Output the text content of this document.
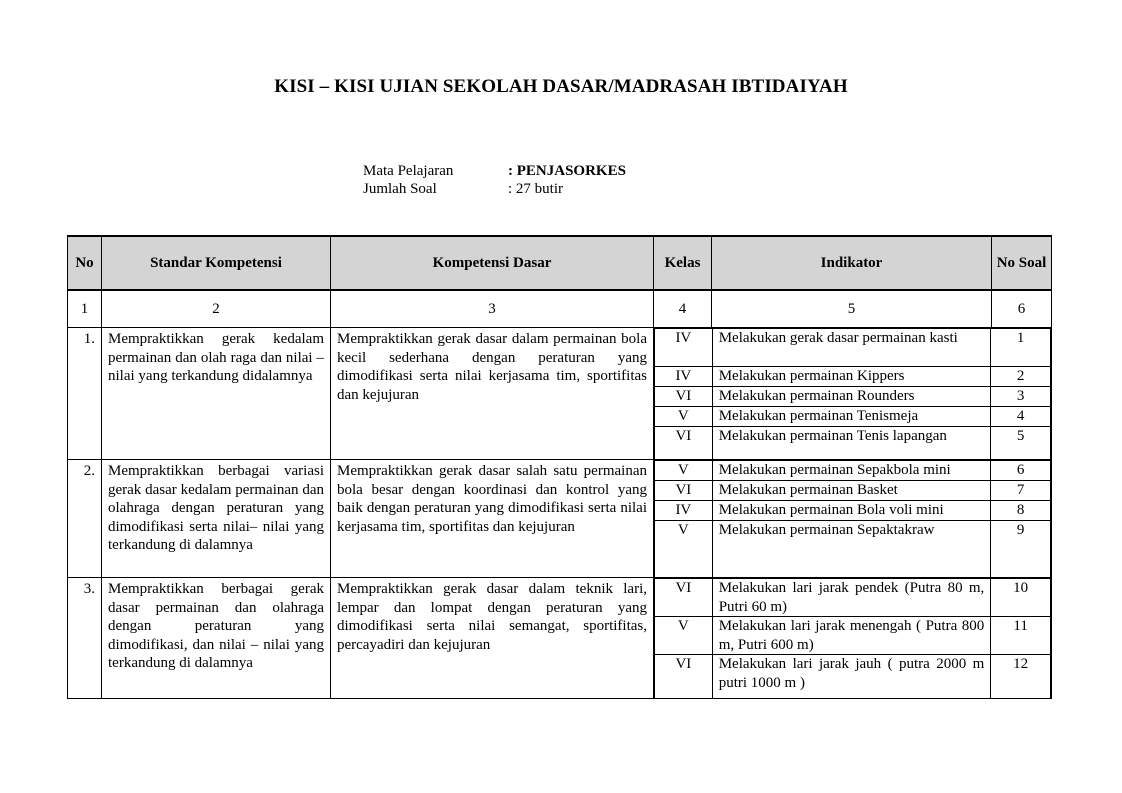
KISI – KISI UJIAN SEKOLAH DASAR/MADRASAH IBTIDAIYAH
Mata Pelajaran	: PENJASORKES
Jumlah Soal	: 27 butir
No	Standar Kompetensi	Kompetensi Dasar	Kelas	Indikator	No Soal
1	2	3	4	5	6
1.	Mempraktikkan gerak kedalam permainan dan olah raga dan nilai – nilai yang terkandung didalamnya	Mempraktikkan gerak dasar dalam permainan bola kecil sederhana dengan peraturan yang dimodifikasi serta nilai kerjasama tim, sportifitas dan kejujuran	
IV	Melakukan gerak dasar permainan kasti	1
IV	Melakukan permainan Kippers	2
VI	Melakukan permainan Rounders	3
V	Melakukan permainan Tenismeja	4
VI	Melakukan permainan Tenis lapangan	5

2.	Mempraktikkan berbagai variasi gerak dasar kedalam permainan dan olahraga dengan peraturan yang dimodifikasi serta nilai– nilai yang terkandung di dalamnya	Mempraktikkan gerak dasar salah satu permainan bola besar dengan koordinasi dan kontrol yang baik dengan peraturan yang dimodifikasi serta nilai kerjasama tim, sportifitas dan kejujuran	
V	Melakukan permainan Sepakbola mini	6
VI	Melakukan permainan Basket	7
IV	Melakukan permainan Bola voli mini	8
V	Melakukan permainan Sepaktakraw	9

3.	Mempraktikkan berbagai gerak dasar permainan dan olahraga dengan peraturan yang dimodifikasi, dan nilai – nilai yang terkandung di dalamnya	Mempraktikkan gerak dasar dalam teknik lari, lempar dan lompat dengan peraturan yang dimodifikasi serta nilai semangat, sportifitas, percayadiri dan kejujuran	
VI	Melakukan lari jarak pendek (Putra 80 m, Putri 60 m)	10
V	Melakukan lari jarak menengah ( Putra 800 m, Putri 600 m)	11
VI	Melakukan lari jarak jauh ( putra 2000 m putri 1000 m )	12
